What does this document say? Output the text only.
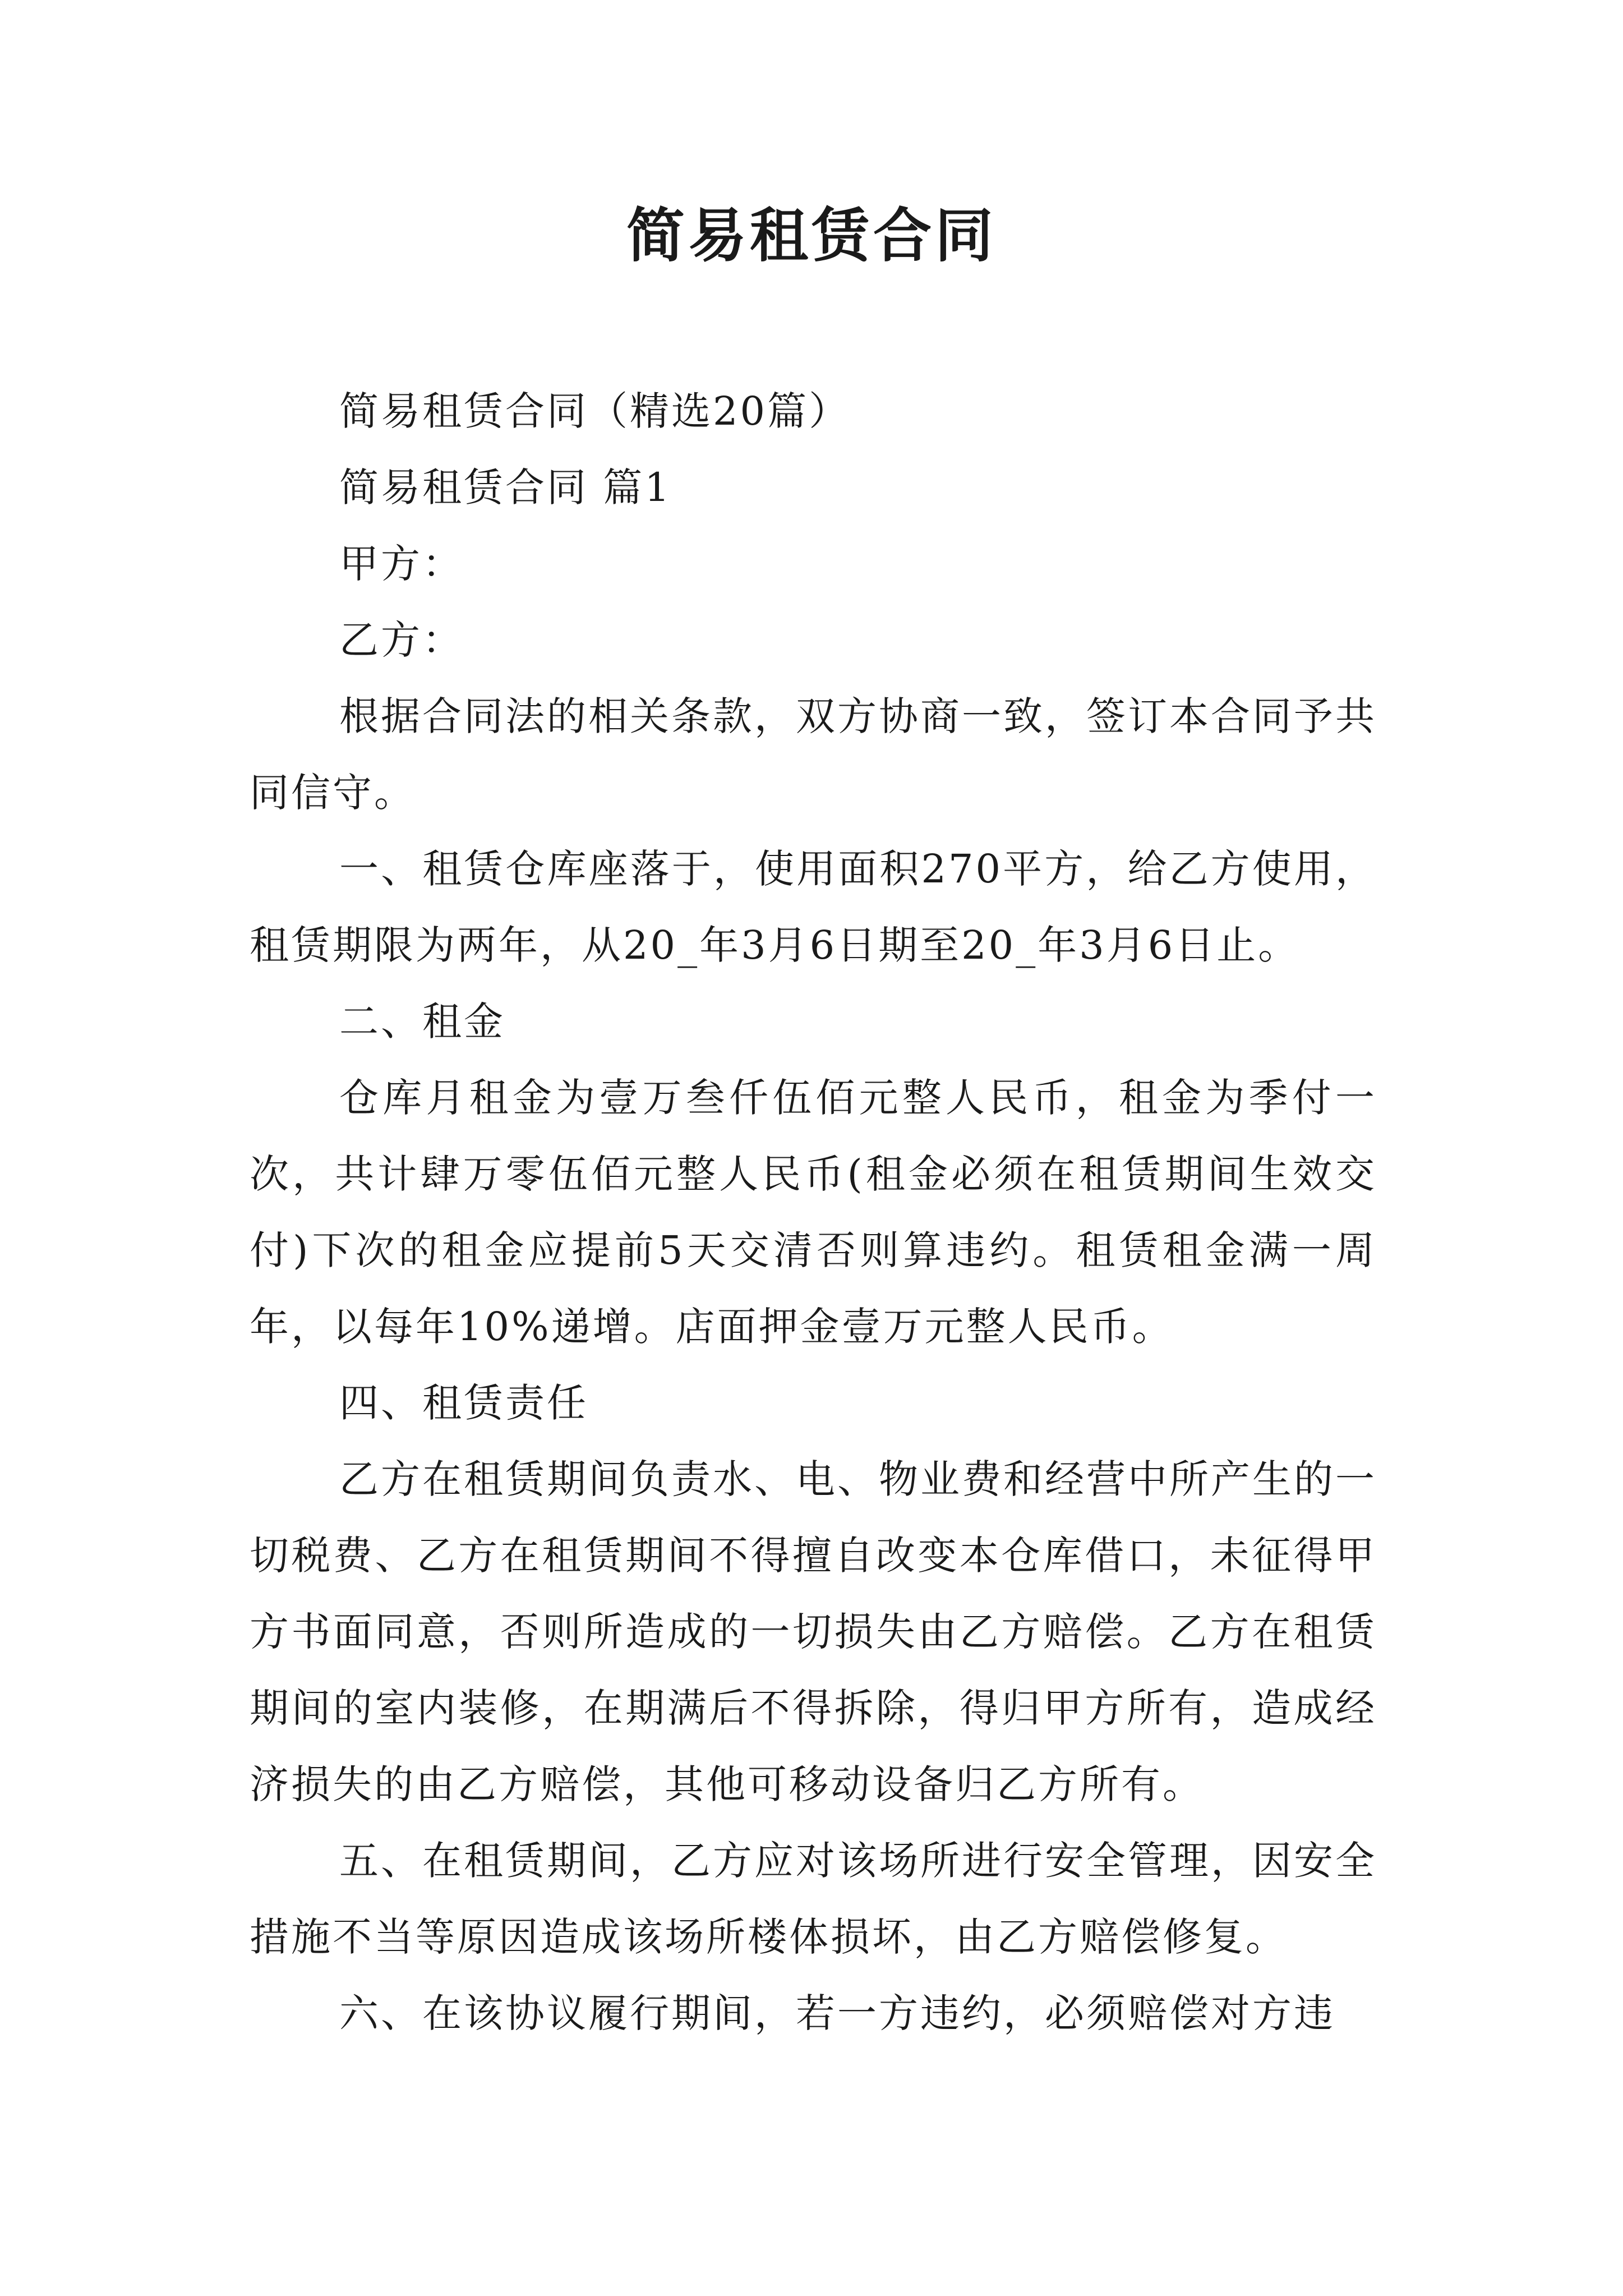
简易租赁合同

简易租赁合同（精选20篇）

简易租赁合同 篇1

甲方：

乙方：

根据合同法的相关条款，双方协商一致，签订本合同予共同信守。

一、租赁仓库座落于，使用面积270平方，给乙方使用，租赁期限为两年，从20_年3月6日期至20_年3月6日止。

二、租金

仓库月租金为壹万叁仟伍佰元整人民币，租金为季付一次，共计肆万零伍佰元整人民币(租金必须在租赁期间生效交付)下次的租金应提前5天交清否则算违约。租赁租金满一周年，以每年10%递增。店面押金壹万元整人民币。

四、租赁责任

乙方在租赁期间负责水、电、物业费和经营中所产生的一切税费、乙方在租赁期间不得擅自改变本仓库借口，未征得甲方书面同意，否则所造成的一切损失由乙方赔偿。乙方在租赁期间的室内装修，在期满后不得拆除，得归甲方所有，造成经济损失的由乙方赔偿，其他可移动设备归乙方所有。

五、在租赁期间，乙方应对该场所进行安全管理，因安全措施不当等原因造成该场所楼体损坏，由乙方赔偿修复。

六、在该协议履行期间，若一方违约，必须赔偿对方违
